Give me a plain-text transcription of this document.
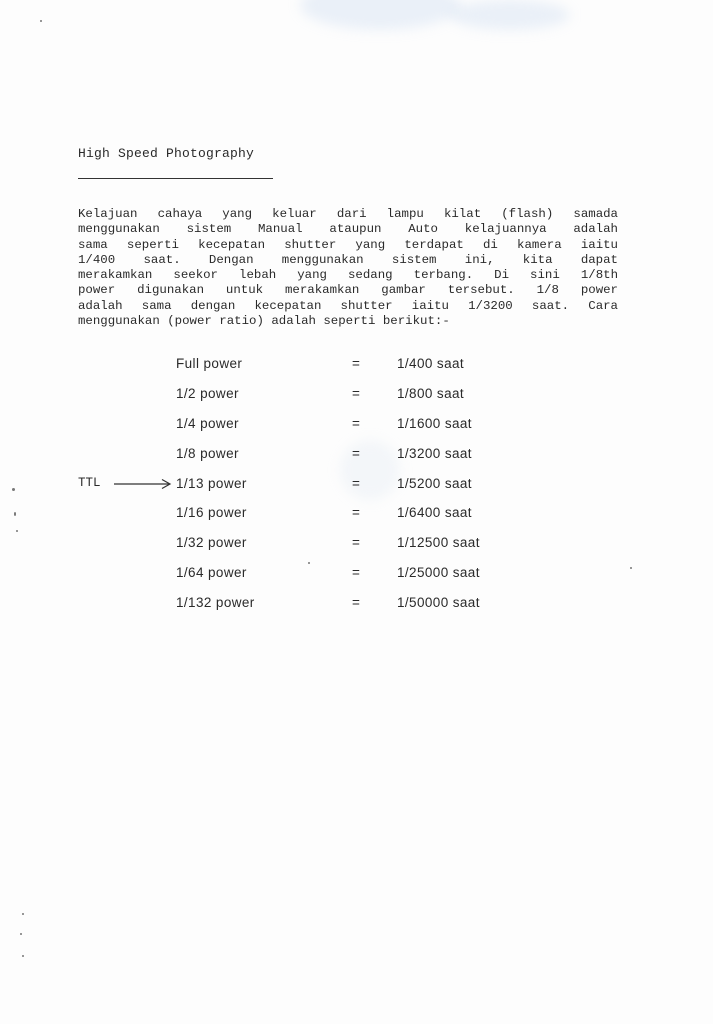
High Speed Photography

Kelajuan cahaya yang keluar dari lampu kilat (flash) samada
menggunakan sistem Manual ataupun Auto kelajuannya adalah
sama seperti kecepatan shutter yang terdapat di kamera iaitu
1/400 saat. Dengan menggunakan sistem ini, kita dapat
merakamkan seekor lebah yang sedang terbang. Di sini 1/8th
power digunakan untuk merakamkan gambar tersebut. 1/8 power
adalah sama dengan kecepatan shutter iaitu 1/3200 saat. Cara
menggunakan (power ratio) adalah seperti berikut:-

Full power	=	1/400 saat
1/2 power	=	1/800 saat
1/4 power	=	1/1600 saat
1/8 power	=	1/3200 saat
1/13 power	=	1/5200 saat
1/16 power	=	1/6400 saat
1/32 power	=	1/12500 saat
1/64 power	=	1/25000 saat
1/132 power	=	1/50000 saat
TTL
